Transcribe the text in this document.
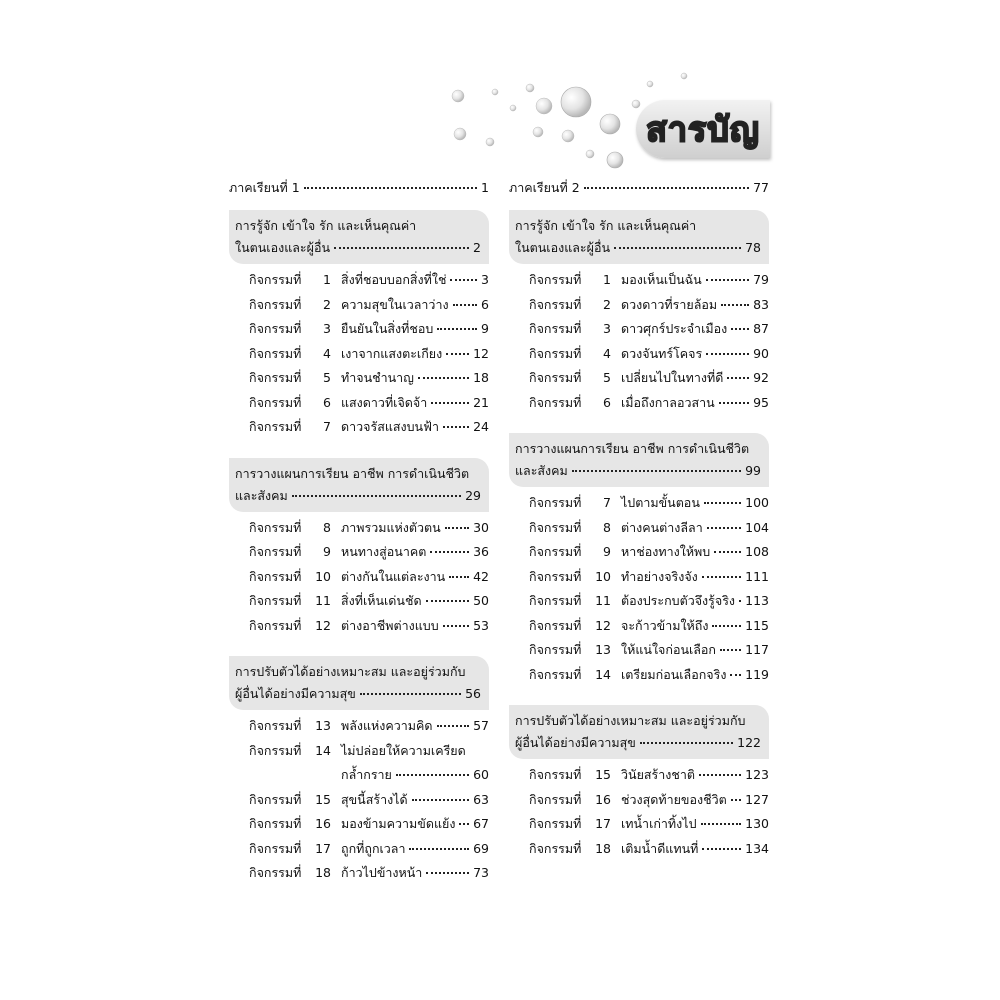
สารบัญ
ภาคเรียนที่ 1	1
การรู้จัก เข้าใจ รัก และเห็นคุณค่า
ในตนเองและผู้อื่น	2
กิจกรรมที่	1 สิ่งที่ชอบบอกสิ่งที่ใช่	3
กิจกรรมที่	2 ความสุขในเวลาว่าง	6
กิจกรรมที่	3 ยืนยันในสิ่งที่ชอบ	9
กิจกรรมที่	4 เงาจากแสงตะเกียง 12
กิจกรรมที่	5 ทำจนชำนาญ	18
กิจกรรมที่	6 แสงดาวที่เจิดจ้า	21
กิจกรรมที่	7 ดาวจรัสแสงบนฟ้า	24
การวางแผนการเรียน อาชีพ การดำเนินชีวิต
และสังคม	29
กิจกรรมที่	8 ภาพรวมแห่งตัวตน	30
กิจกรรมที่	9 หนทางสู่อนาคต	36
กิจกรรมที่	10 ต่างกันในแต่ละงาน 42
กิจกรรมที่	11 สิ่งที่เห็นเด่นชัด	50
กิจกรรมที่	12 ต่างอาชีพต่างแบบ	53
การปรับตัวได้อย่างเหมาะสม และอยู่ร่วมกับ
ผู้อื่นได้อย่างมีความสุข	56
กิจกรรมที่	13 พลังแห่งความคิด	57
กิจกรรมที่	14 ไม่ปล่อยให้ความเครียด
กล้ำกราย	60
กิจกรรมที่	15 สุขนี้สร้างได้	63
กิจกรรมที่	16 มองข้ามความขัดแย้ง 67
กิจกรรมที่	17 ถูกที่ถูกเวลา	69
กิจกรรมที่	18 ก้าวไปข้างหน้า	73
ภาคเรียนที่ 2	77
การรู้จัก เข้าใจ รัก และเห็นคุณค่า
ในตนเองและผู้อื่น	78
กิจกรรมที่	1 มองเห็นเป็นฉัน	79
กิจกรรมที่	2 ดวงดาวที่รายล้อม	83
กิจกรรมที่	3 ดาวศุกร์ประจำเมือง 87
กิจกรรมที่	4 ดวงจันทร์โคจร	90
กิจกรรมที่	5 เปลี่ยนไปในทางที่ดี 92
กิจกรรมที่	6 เมื่อถึงกาลอวสาน	95
การวางแผนการเรียน อาชีพ การดำเนินชีวิต
และสังคม	99
กิจกรรมที่	7 ไปตามขั้นตอน	100
กิจกรรมที่	8 ต่างคนต่างลีลา	104
กิจกรรมที่	9 หาช่องทางให้พบ	108
กิจกรรมที่	10 ทำอย่างจริงจัง	111
กิจกรรมที่	11 ต้องประกบตัวจึงรู้จริง 113
กิจกรรมที่	12 จะก้าวข้ามให้ถึง	115
กิจกรรมที่	13 ให้แน่ใจก่อนเลือก 117
กิจกรรมที่	14 เตรียมก่อนเลือกจริง 119
การปรับตัวได้อย่างเหมาะสม และอยู่ร่วมกับ
ผู้อื่นได้อย่างมีความสุข	122
กิจกรรมที่	15 วินัยสร้างชาติ	123
กิจกรรมที่	16 ช่วงสุดท้ายของชีวิต 127
กิจกรรมที่	17 เทน้ำเก่าทิ้งไป	130
กิจกรรมที่	18 เติมน้ำดีแทนที่	134
